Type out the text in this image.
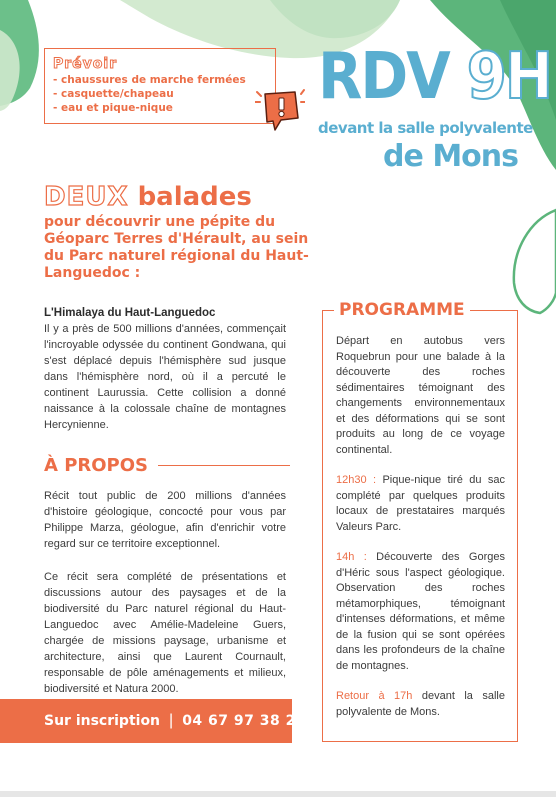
Prévoir
- chaussures de marche fermées
- casquette/chapeau
- eau et pique-nique	RDV 9H
devant la salle polyvalente
de Mons
DEUX balades
pour découvrir une pépite du Géoparc Terres d'Hérault, au sein du Parc naturel régional du Haut-Languedoc :
L'Himalaya du Haut-Languedoc

Il y a près de 500 millions d'années, commençait l'incroyable odyssée du continent Gondwana, qui s'est déplacé depuis l'hémisphère sud jusque dans l'hémisphère nord, où il a percuté le continent Laurussia. Cette collision a donné naissance à la colossale chaîne de montagnes Hercynienne.

À PROPOS

Récit tout public de 200 millions d'années d'histoire géologique, concocté pour vous par Philippe Marza, géologue, afin d'enrichir votre regard sur ce territoire exceptionnel.

Ce récit sera complété de présentations et discussions autour des paysages et de la biodiversité du Parc naturel régional du Haut-Languedoc avec Amélie-Madeleine Guers, chargée de missions paysage, urbanisme et architecture, ainsi que Laurent Cournault, responsable de pôle aménagements et milieux, biodiversité et Natura 2000.

Sur inscription | 04 67 97 38 22
PROGRAMME

Départ en autobus vers Roquebrun pour une balade à la découverte des roches sédimentaires témoignant des changements environnementaux et des déformations qui se sont produits au long de ce voyage continental.

12h30 : Pique-nique tiré du sac complété par quelques produits locaux de prestataires marqués Valeurs Parc.

14h : Découverte des Gorges d'Héric sous l'aspect géologique. Observation des roches métamorphiques, témoignant d'intenses déformations, et même de la fusion qui se sont opérées dans les profondeurs de la chaîne de montagnes.

Retour à 17h devant la salle polyvalente de Mons.
